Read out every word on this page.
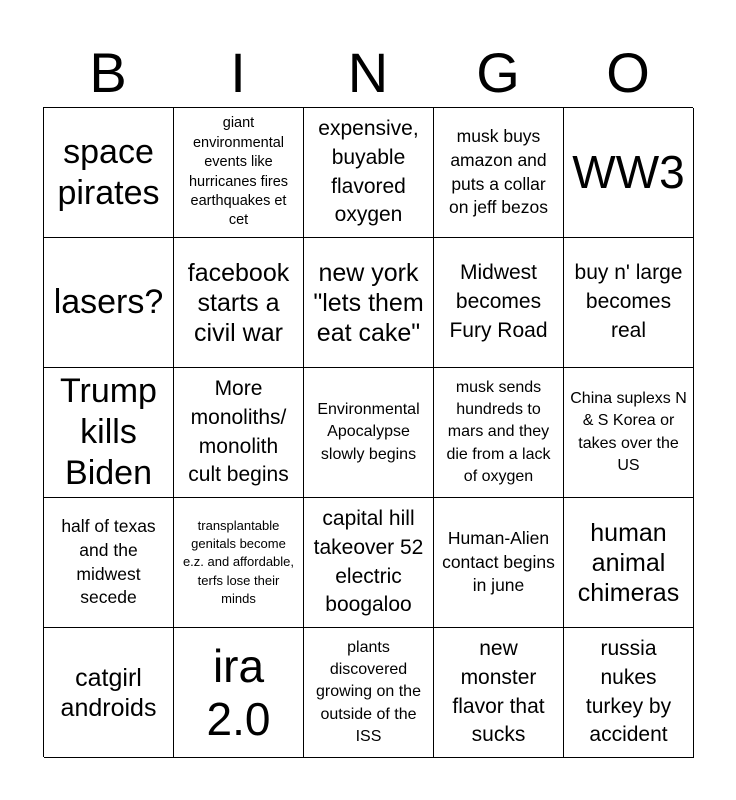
B	I	N	G	O
space pirates
giant environmental events like hurricanes fires earthquakes et cet
expensive, buyable flavored oxygen
musk buys amazon and puts a collar on jeff bezos
WW3
lasers?
facebook starts a civil war
new york "lets them eat cake"
Midwest becomes Fury Road
buy n' large becomes real
Trump kills Biden
More monoliths/ monolith cult begins
Environmental Apocalypse slowly begins
musk sends hundreds to mars and they die from a lack of oxygen
China suplexs N & S Korea or takes over the US
half of texas and the midwest secede
transplantable genitals become e.z. and affordable, terfs lose their minds
capital hill takeover 52 electric boogaloo
Human-Alien contact begins in june
human animal chimeras
catgirl androids
ira 2.0
plants discovered growing on the outside of the ISS
new monster flavor that sucks
russia nukes turkey by accident
